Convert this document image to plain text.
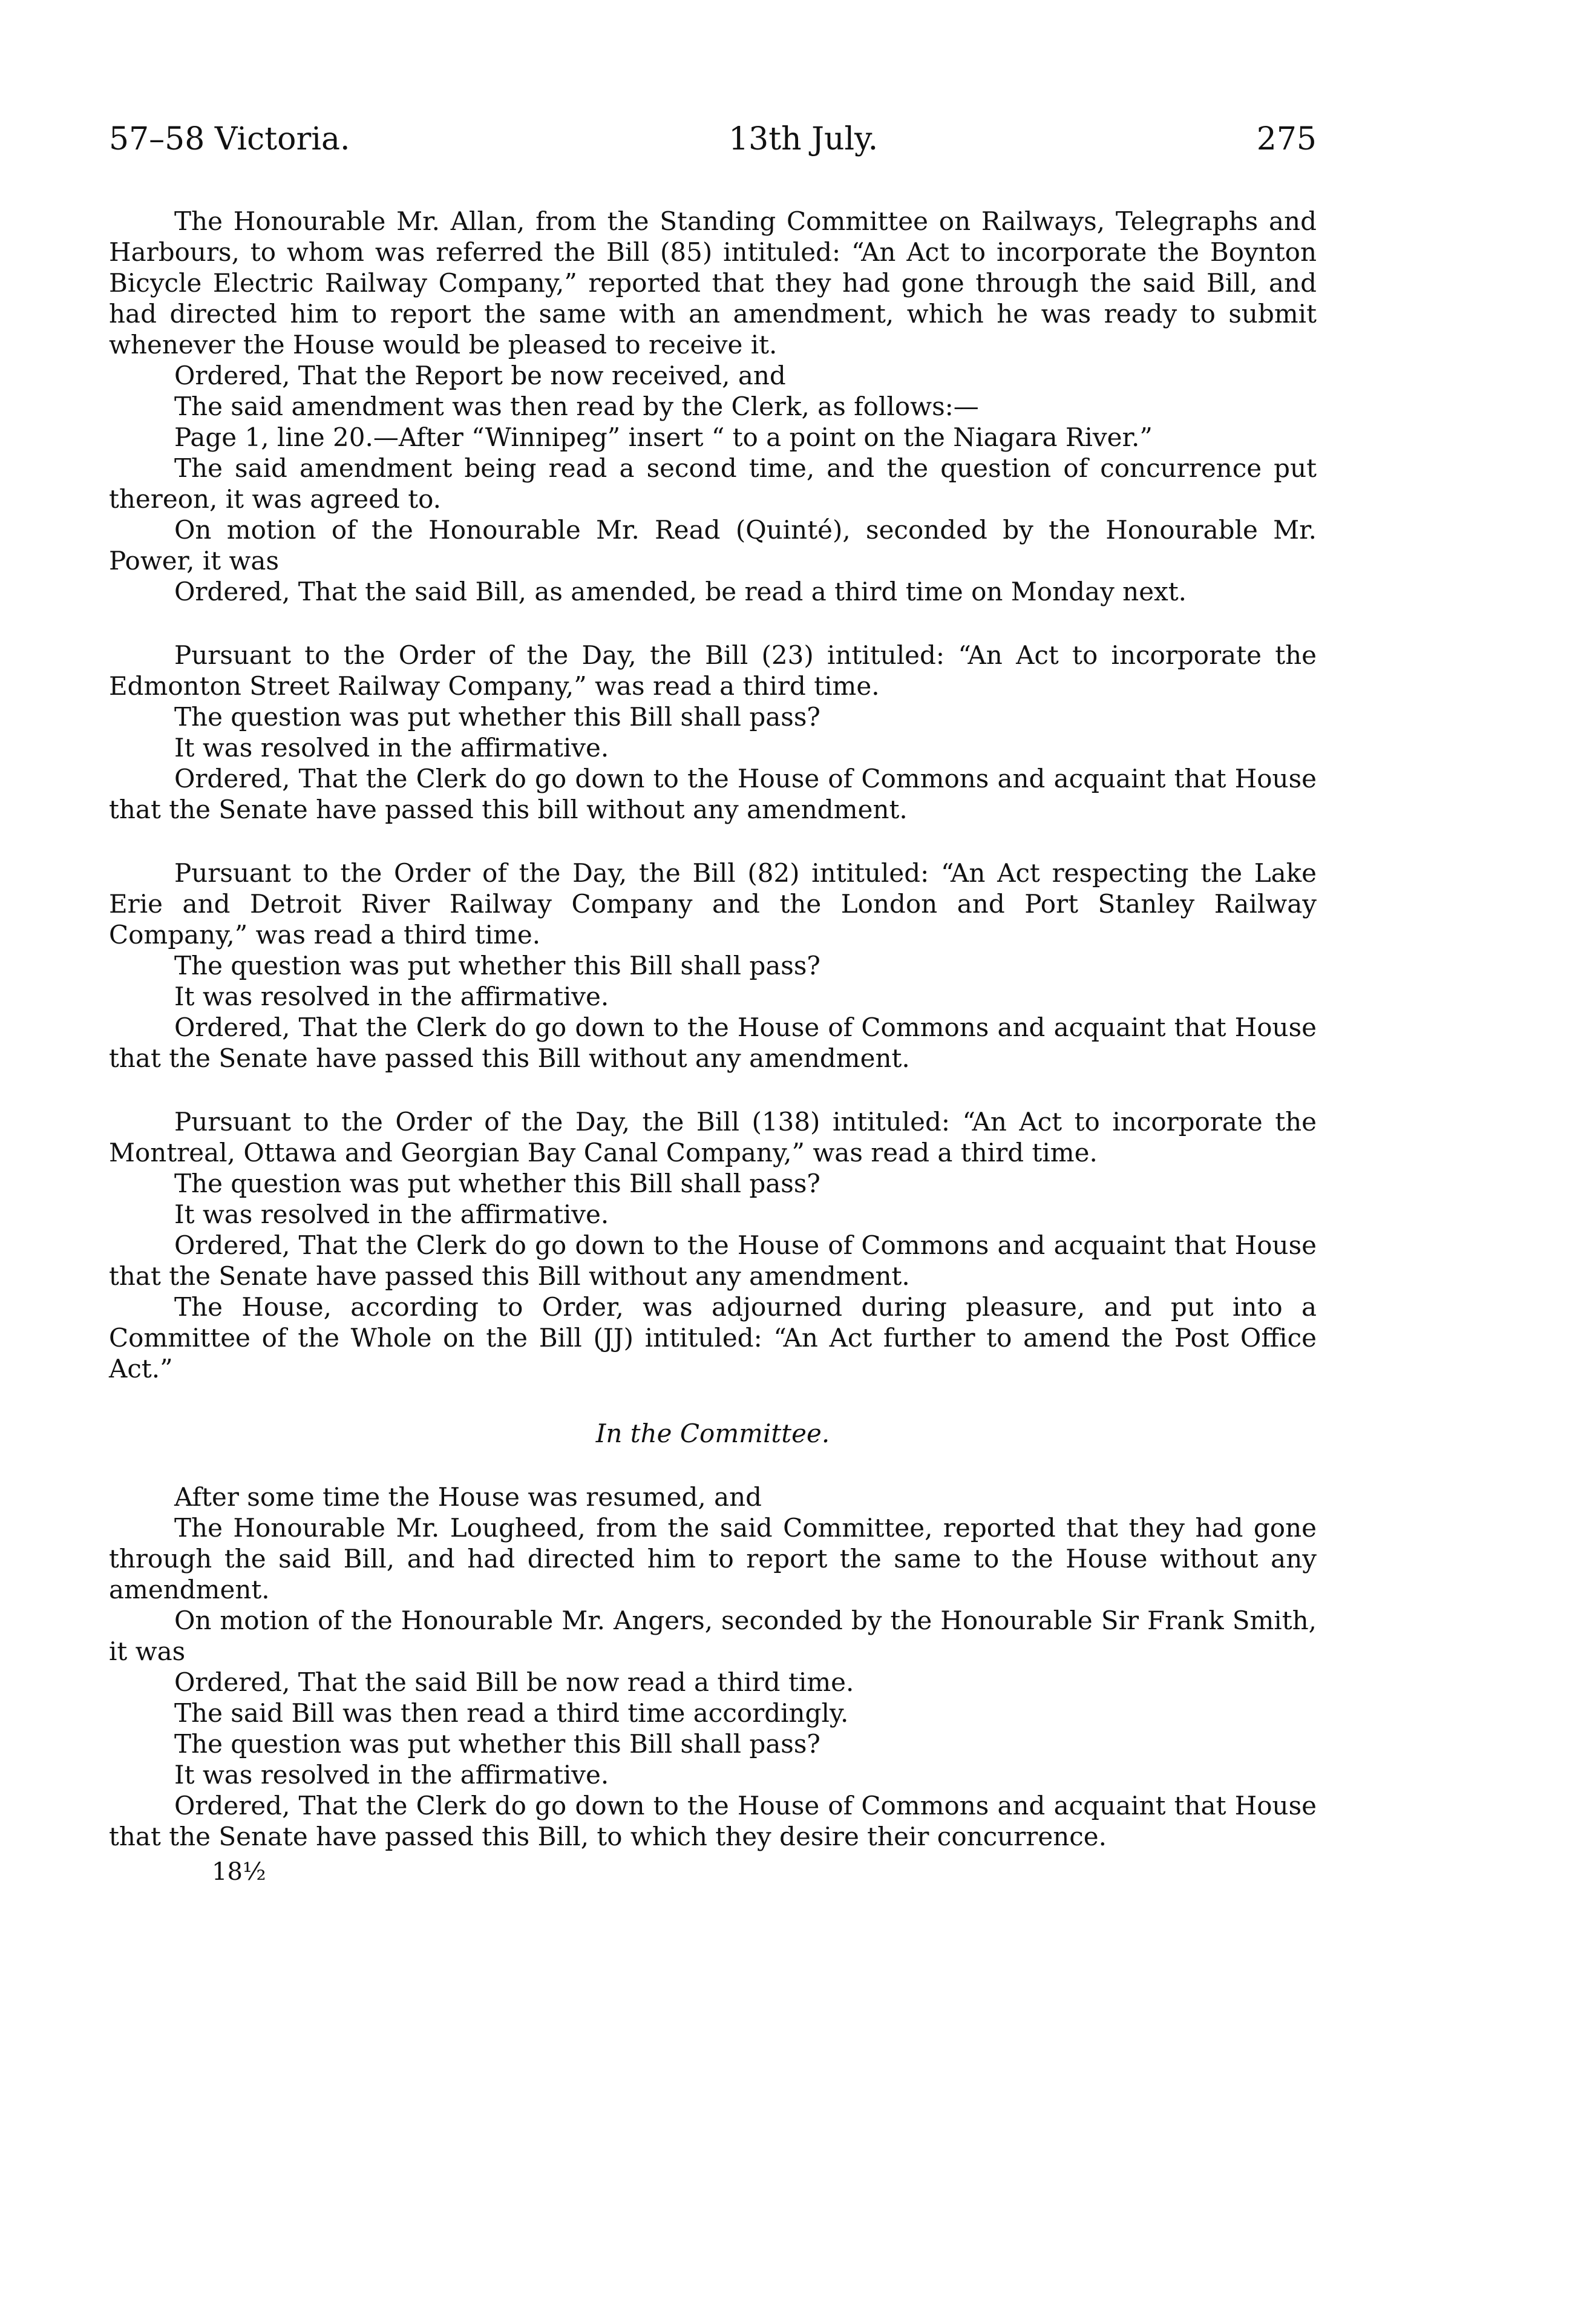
57–58 Victoria.	13th July.	275

The Honourable Mr. Allan, from the Standing Committee on Railways, Telegraphs and Harbours, to whom was referred the Bill (85) intituled: “An Act to incorporate the Boynton Bicycle Electric Railway Company,” reported that they had gone through the said Bill, and had directed him to report the same with an amendment, which he was ready to submit whenever the House would be pleased to receive it.

Ordered, That the Report be now received, and

The said amendment was then read by the Clerk, as follows:—

Page 1, line 20.—After “Winnipeg” insert “ to a point on the Niagara River.”

The said amendment being read a second time, and the question of concurrence put thereon, it was agreed to.

On motion of the Honourable Mr. Read (Quinté), seconded by the Honourable Mr. Power, it was

Ordered, That the said Bill, as amended, be read a third time on Monday next.

Pursuant to the Order of the Day, the Bill (23) intituled: “An Act to incorporate the Edmonton Street Railway Company,” was read a third time.

The question was put whether this Bill shall pass?

It was resolved in the affirmative.

Ordered, That the Clerk do go down to the House of Commons and acquaint that House that the Senate have passed this bill without any amendment.

Pursuant to the Order of the Day, the Bill (82) intituled: “An Act respecting the Lake Erie and Detroit River Railway Company and the London and Port Stanley Railway Company,” was read a third time.

The question was put whether this Bill shall pass?

It was resolved in the affirmative.

Ordered, That the Clerk do go down to the House of Commons and acquaint that House that the Senate have passed this Bill without any amendment.

Pursuant to the Order of the Day, the Bill (138) intituled: “An Act to incorporate the Montreal, Ottawa and Georgian Bay Canal Company,” was read a third time.

The question was put whether this Bill shall pass?

It was resolved in the affirmative.

Ordered, That the Clerk do go down to the House of Commons and acquaint that House that the Senate have passed this Bill without any amendment.

The House, according to Order, was adjourned during pleasure, and put into a Committee of the Whole on the Bill (JJ) intituled: “An Act further to amend the Post Office Act.”

In the Committee.

After some time the House was resumed, and

The Honourable Mr. Lougheed, from the said Committee, reported that they had gone through the said Bill, and had directed him to report the same to the House without any amendment.

On motion of the Honourable Mr. Angers, seconded by the Honourable Sir Frank Smith, it was

Ordered, That the said Bill be now read a third time.

The said Bill was then read a third time accordingly.

The question was put whether this Bill shall pass?

It was resolved in the affirmative.

Ordered, That the Clerk do go down to the House of Commons and acquaint that House that the Senate have passed this Bill, to which they desire their concurrence.

18½
